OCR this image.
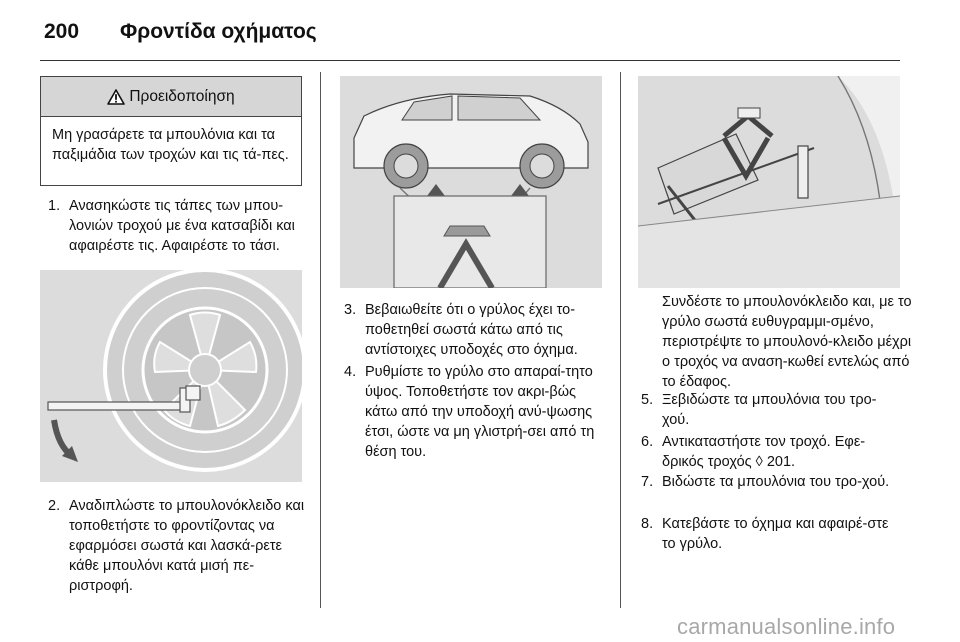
200	Φροντίδα οχήματος
Προειδοποίηση
Μη γρασάρετε τα μπουλόνια και τα παξιμάδια των τροχών και τις τά-πες.
1. Ανασηκώστε τις τάπες των μπου-λονιών τροχού με ένα κατσαβίδι και αφαιρέστε τις. Αφαιρέστε το τάσι.
2. Αναδιπλώστε το μπουλονόκλειδο και τοποθετήστε το φροντίζοντας να εφαρμόσει σωστά και λασκά-ρετε κάθε μπουλόνι κατά μισή πε-ριστροφή.
3. Βεβαιωθείτε ότι ο γρύλος έχει το-ποθετηθεί σωστά κάτω από τις αντίστοιχες υποδοχές στο όχημα.
4. Ρυθμίστε το γρύλο στο απαραί-τητο ύψος. Τοποθετήστε τον ακρι-βώς κάτω από την υποδοχή ανύ-ψωσης έτσι, ώστε να μη γλιστρή-σει από τη θέση του.
Συνδέστε το μπουλονόκλειδο και, με το γρύλο σωστά ευθυγραμμι-σμένο, περιστρέψτε το μπουλονό-κλειδο μέχρι ο τροχός να αναση-κωθεί εντελώς από το έδαφος.
5. Ξεβιδώστε τα μπουλόνια του τρο-χού.
6. Αντικαταστήστε τον τροχό. Εφε-δρικός τροχός ◊ 201.
7. Βιδώστε τα μπουλόνια του τρο-χού.
8. Κατεβάστε το όχημα και αφαιρέ-στε το γρύλο.
carmanualsonline.info
